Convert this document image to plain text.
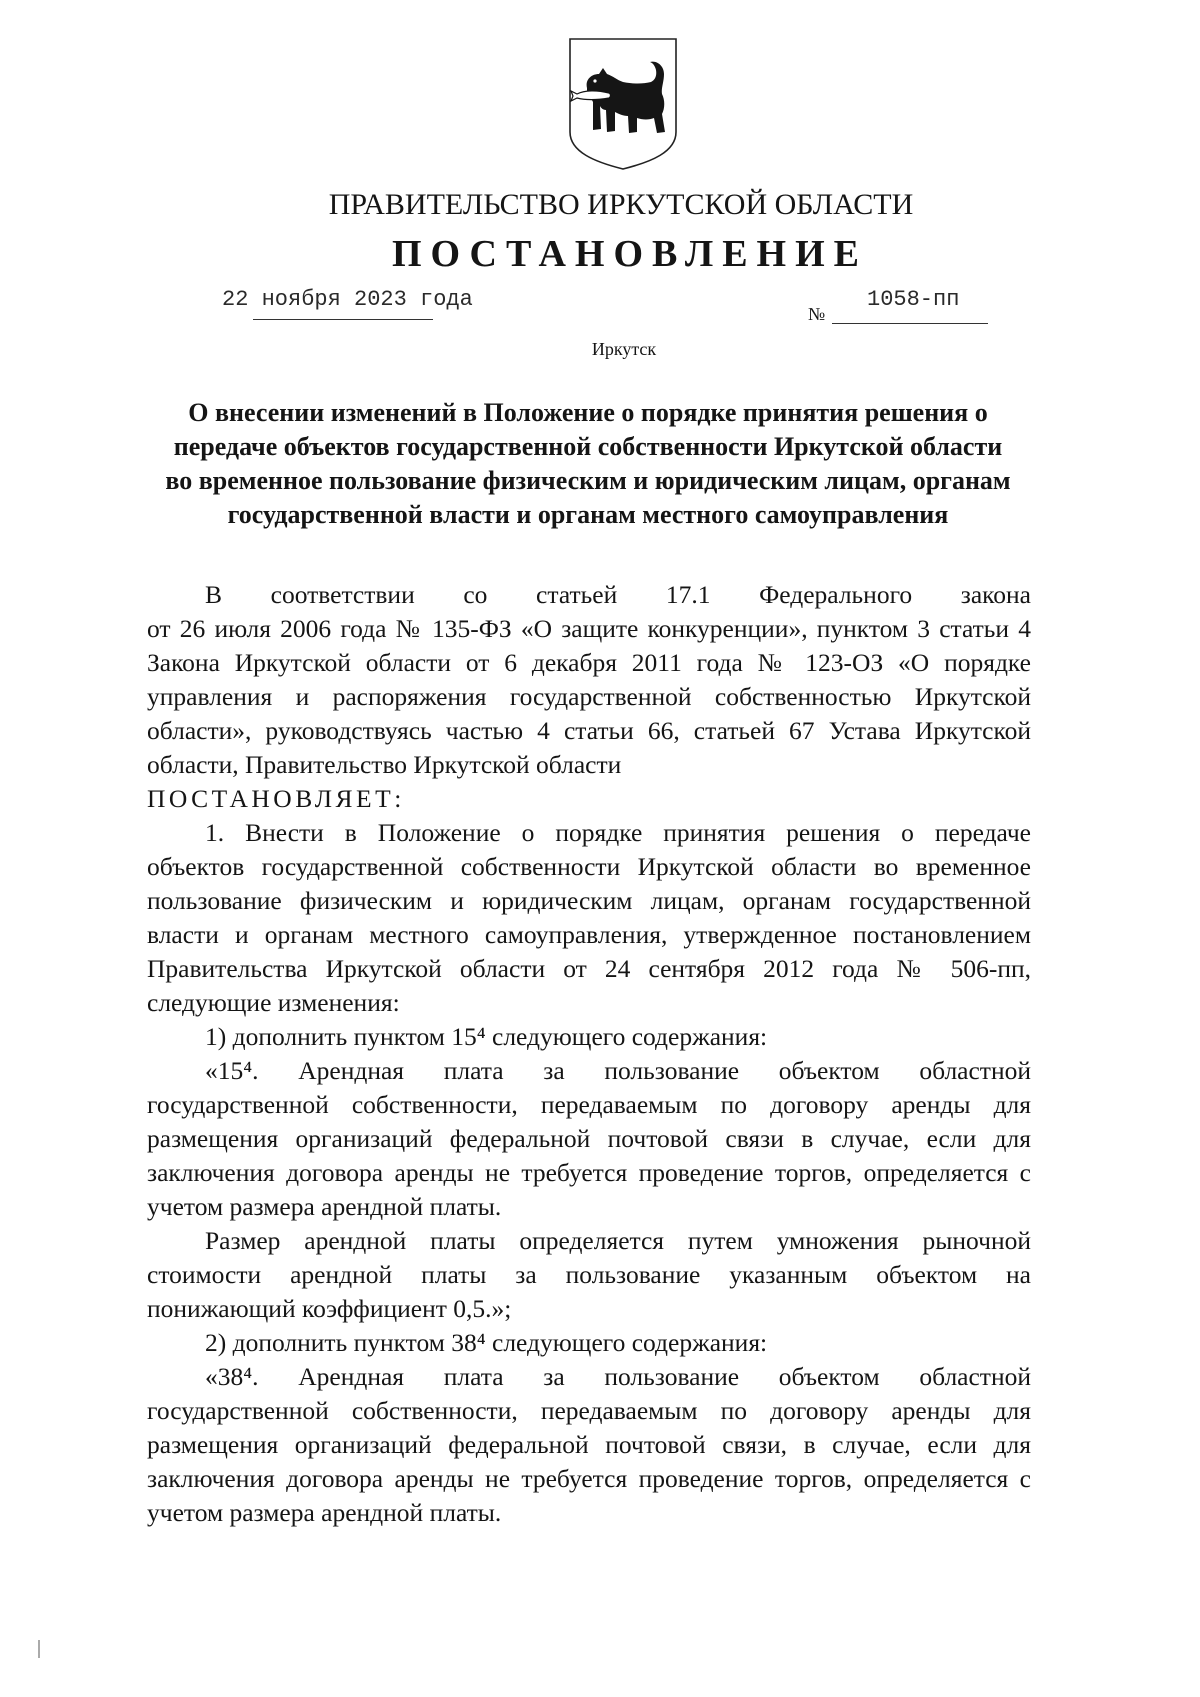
ПРАВИТЕЛЬСТВО ИРКУТСКОЙ ОБЛАСТИ
ПОСТАНОВЛЕНИЕ
22 ноября 2023 года
№
1058-пп
Иркутск
О внесении изменений в Положение о порядке принятия решения о
передаче объектов государственной собственности Иркутской области
во временное пользование физическим и юридическим лицам, органам
государственной власти и органам местного самоуправления
В соответствии со статьей 17.1 Федерального закона
от 26 июля 2006 года № 135-ФЗ «О защите конкуренции», пунктом 3 статьи 4
Закона Иркутской области от 6 декабря 2011 года № 123-ОЗ «О порядке
управления и распоряжения государственной собственностью Иркутской
области», руководствуясь частью 4 статьи 66, статьей 67 Устава Иркутской
области, Правительство Иркутской области
ПОСТАНОВЛЯЕТ:
1. Внести в Положение о порядке принятия решения о передаче
объектов государственной собственности Иркутской области во временное
пользование физическим и юридическим лицам, органам государственной
власти и органам местного самоуправления, утвержденное постановлением
Правительства Иркутской области от 24 сентября 2012 года № 506-пп,
следующие изменения:
1) дополнить пунктом 15⁴ следующего содержания:
«15⁴. Арендная плата за пользование объектом областной
государственной собственности, передаваемым по договору аренды для
размещения организаций федеральной почтовой связи в случае, если для
заключения договора аренды не требуется проведение торгов, определяется с
учетом размера арендной платы.
Размер арендной платы определяется путем умножения рыночной
стоимости арендной платы за пользование указанным объектом на
понижающий коэффициент 0,5.»;
2) дополнить пунктом 38⁴ следующего содержания:
«38⁴. Арендная плата за пользование объектом областной
государственной собственности, передаваемым по договору аренды для
размещения организаций федеральной почтовой связи, в случае, если для
заключения договора аренды не требуется проведение торгов, определяется с
учетом размера арендной платы.
